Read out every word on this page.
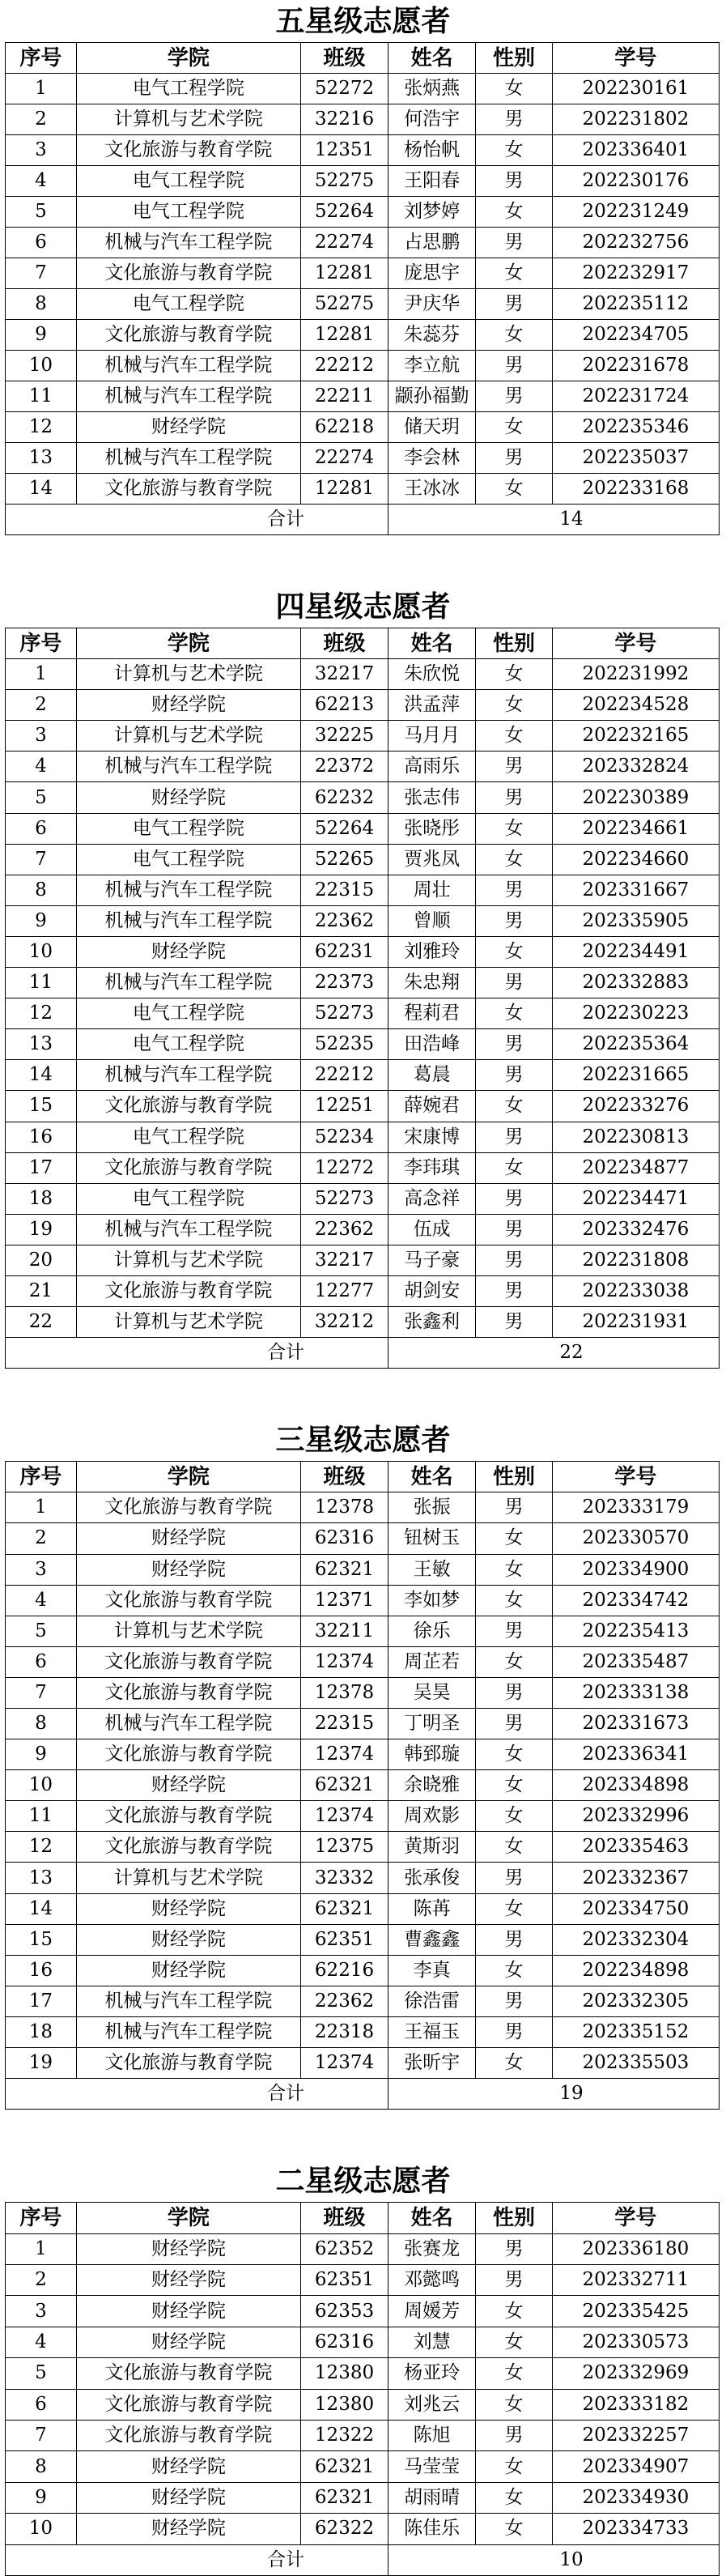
五星级志愿者
序号	学院	班级	姓名	性别	学号
1	电气工程学院	52272	张炳燕	女	202230161
2	计算机与艺术学院	32216	何浩宇	男	202231802
3	文化旅游与教育学院	12351	杨怡帆	女	202336401
4	电气工程学院	52275	王阳春	男	202230176
5	电气工程学院	52264	刘梦婷	女	202231249
6	机械与汽车工程学院	22274	占思鹏	男	202232756
7	文化旅游与教育学院	12281	庞思宇	女	202232917
8	电气工程学院	52275	尹庆华	男	202235112
9	文化旅游与教育学院	12281	朱蕊芬	女	202234705
10	机械与汽车工程学院	22212	李立航	男	202231678
11	机械与汽车工程学院	22211	颛孙福勤	男	202231724
12	财经学院	62218	储天玥	女	202235346
13	机械与汽车工程学院	22274	李会林	男	202235037
14	文化旅游与教育学院	12281	王冰冰	女	202233168
合计			14		
四星级志愿者
序号	学院	班级	姓名	性别	学号
1	计算机与艺术学院	32217	朱欣悦	女	202231992
2	财经学院	62213	洪孟萍	女	202234528
3	计算机与艺术学院	32225	马月月	女	202232165
4	机械与汽车工程学院	22372	高雨乐	男	202332824
5	财经学院	62232	张志伟	男	202230389
6	电气工程学院	52264	张晓彤	女	202234661
7	电气工程学院	52265	贾兆凤	女	202234660
8	机械与汽车工程学院	22315	周壮	男	202331667
9	机械与汽车工程学院	22362	曾顺	男	202335905
10	财经学院	62231	刘雅玲	女	202234491
11	机械与汽车工程学院	22373	朱忠翔	男	202332883
12	电气工程学院	52273	程莉君	女	202230223
13	电气工程学院	52235	田浩峰	男	202235364
14	机械与汽车工程学院	22212	葛晨	男	202231665
15	文化旅游与教育学院	12251	薛婉君	女	202233276
16	电气工程学院	52234	宋康博	男	202230813
17	文化旅游与教育学院	12272	李玮琪	女	202234877
18	电气工程学院	52273	高念祥	男	202234471
19	机械与汽车工程学院	22362	伍成	男	202332476
20	计算机与艺术学院	32217	马子豪	男	202231808
21	文化旅游与教育学院	12277	胡剑安	男	202233038
22	计算机与艺术学院	32212	张鑫利	男	202231931
合计			22		
三星级志愿者
序号	学院	班级	姓名	性别	学号
1	文化旅游与教育学院	12378	张振	男	202333179
2	财经学院	62316	钮树玉	女	202330570
3	财经学院	62321	王敏	女	202334900
4	文化旅游与教育学院	12371	李如梦	女	202334742
5	计算机与艺术学院	32211	徐乐	男	202235413
6	文化旅游与教育学院	12374	周芷若	女	202335487
7	文化旅游与教育学院	12378	吴昊	男	202333138
8	机械与汽车工程学院	22315	丁明圣	男	202331673
9	文化旅游与教育学院	12374	韩郅璇	女	202336341
10	财经学院	62321	余晓雅	女	202334898
11	文化旅游与教育学院	12374	周欢影	女	202332996
12	文化旅游与教育学院	12375	黄斯羽	女	202335463
13	计算机与艺术学院	32332	张承俊	男	202332367
14	财经学院	62321	陈苒	女	202334750
15	财经学院	62351	曹鑫鑫	男	202332304
16	财经学院	62216	李真	女	202234898
17	机械与汽车工程学院	22362	徐浩雷	男	202332305
18	机械与汽车工程学院	22318	王福玉	男	202335152
19	文化旅游与教育学院	12374	张昕宇	女	202335503
合计			19		
二星级志愿者
序号	学院	班级	姓名	性别	学号
1	财经学院	62352	张赛龙	男	202336180
2	财经学院	62351	邓懿鸣	男	202332711
3	财经学院	62353	周媛芳	女	202335425
4	财经学院	62316	刘慧	女	202330573
5	文化旅游与教育学院	12380	杨亚玲	女	202332969
6	文化旅游与教育学院	12380	刘兆云	女	202333182
7	文化旅游与教育学院	12322	陈旭	男	202332257
8	财经学院	62321	马莹莹	女	202334907
9	财经学院	62321	胡雨晴	女	202334930
10	财经学院	62322	陈佳乐	女	202334733
合计			10		
